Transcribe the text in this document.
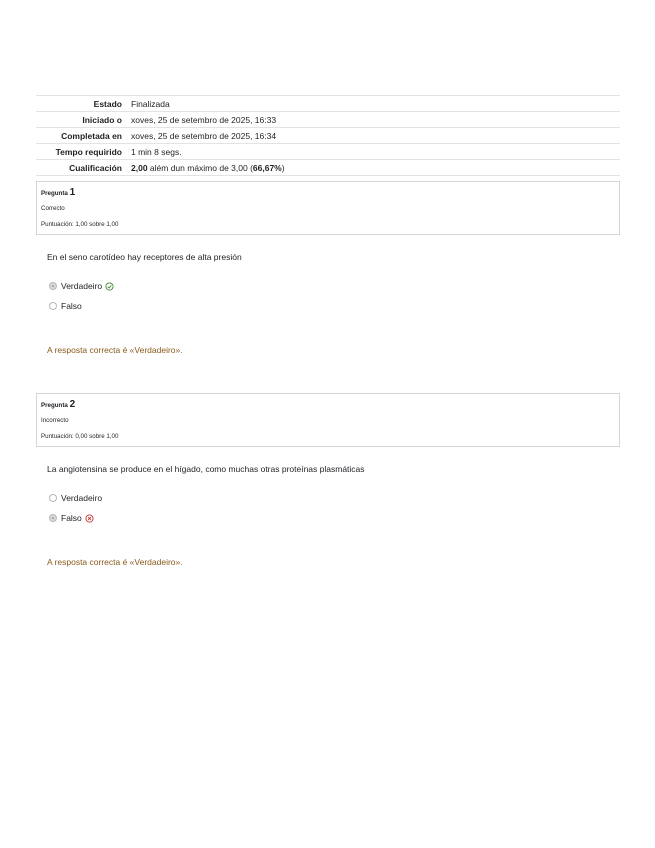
Estado	Finalizada
Iniciado o	xoves, 25 de setembro de 2025, 16:33
Completada en	xoves, 25 de setembro de 2025, 16:34
Tempo requirido	1 min 8 segs.
Cualificación	2,00 além dun máximo de 3,00 (66,67%)
Pregunta 1
Correcto
Puntuación: 1,00 sobre 1,00
En el seno carotídeo hay receptores de alta presión
Verdadeiro
Falso
A resposta correcta é «Verdadeiro».
Pregunta 2
Incorrecto
Puntuación: 0,00 sobre 1,00
La angiotensina se produce en el hígado, como muchas otras proteínas plasmáticas
Verdadeiro
Falso
A resposta correcta é «Verdadeiro».
